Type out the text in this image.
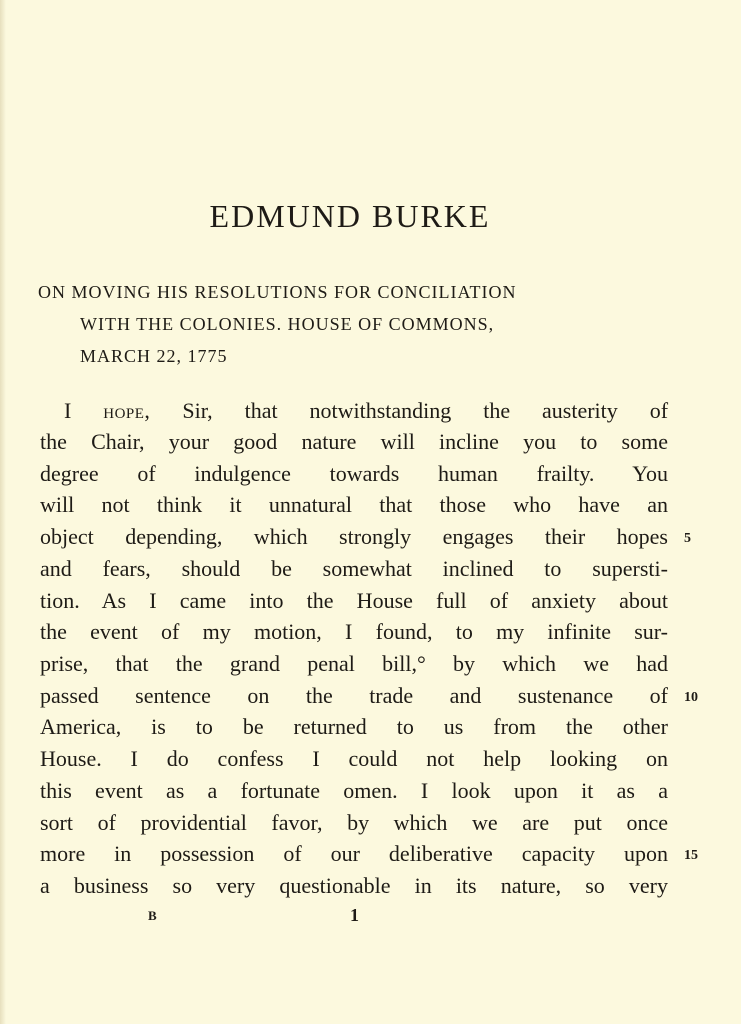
EDMUND BURKE
ON MOVING HIS RESOLUTIONS FOR CONCILIATION
WITH THE COLONIES. HOUSE OF COMMONS,
MARCH 22, 1775
I hope, Sir, that notwithstanding the austerity of
the Chair, your good nature will incline you to some
degree of indulgence towards human frailty. You
will not think it unnatural that those who have an
object depending, which strongly engages their hopes
and fears, should be somewhat inclined to supersti-
tion. As I came into the House full of anxiety about
the event of my motion, I found, to my infinite sur-
prise, that the grand penal bill,° by which we had
passed sentence on the trade and sustenance of
America, is to be returned to us from the other
House. I do confess I could not help looking on
this event as a fortunate omen. I look upon it as a
sort of providential favor, by which we are put once
more in possession of our deliberative capacity upon
a business so very questionable in its nature, so very
5
10
15
B	1
